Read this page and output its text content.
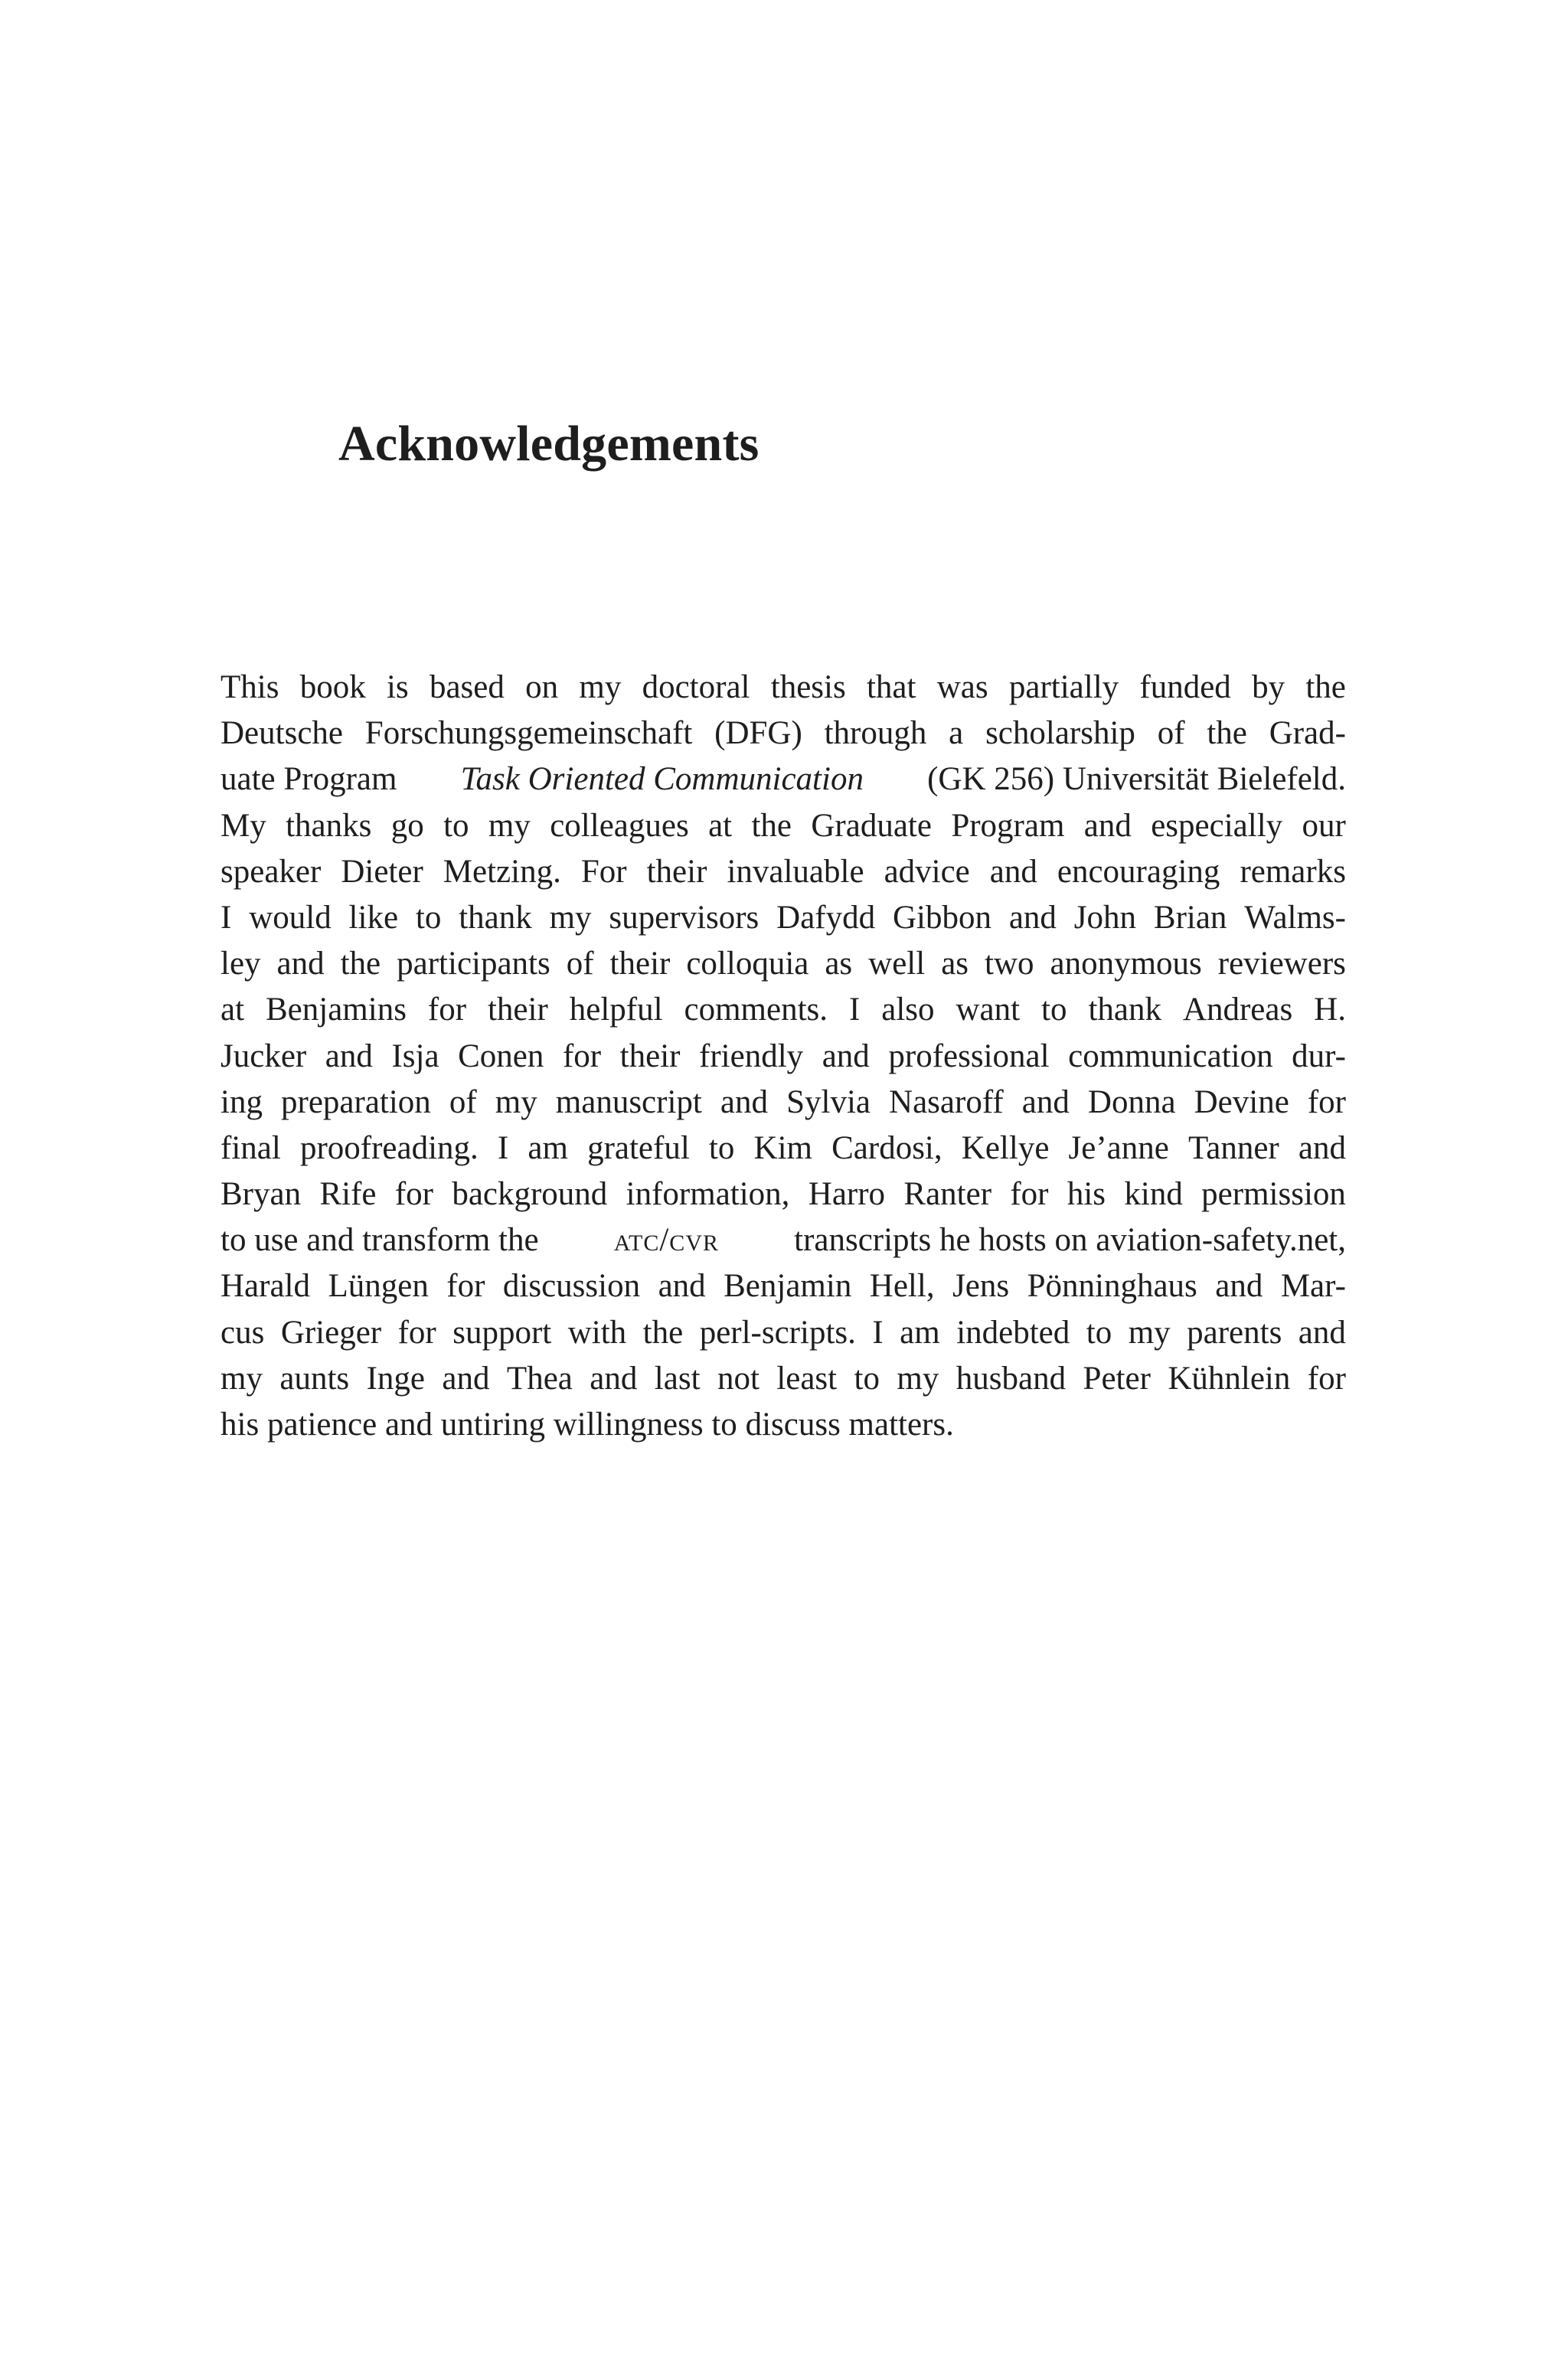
Acknowledgements
This book is based on my doctoral thesis that was partially funded by the
Deutsche Forschungsgemeinschaft (DFG) through a scholarship of the Grad-
uate Program Task Oriented Communication (GK 256) Universität Bielefeld.
My thanks go to my colleagues at the Graduate Program and especially our
speaker Dieter Metzing. For their invaluable advice and encouraging remarks
I would like to thank my supervisors Dafydd Gibbon and John Brian Walms-
ley and the participants of their colloquia as well as two anonymous reviewers
at Benjamins for their helpful comments. I also want to thank Andreas H.
Jucker and Isja Conen for their friendly and professional communication dur-
ing preparation of my manuscript and Sylvia Nasaroff and Donna Devine for
final proofreading. I am grateful to Kim Cardosi, Kellye Je’anne Tanner and
Bryan Rife for background information, Harro Ranter for his kind permission
to use and transform the atc/cvr transcripts he hosts on aviation-safety.net,
Harald Lüngen for discussion and Benjamin Hell, Jens Pönninghaus and Mar-
cus Grieger for support with the perl-scripts. I am indebted to my parents and
my aunts Inge and Thea and last not least to my husband Peter Kühnlein for
his patience and untiring willingness to discuss matters.
